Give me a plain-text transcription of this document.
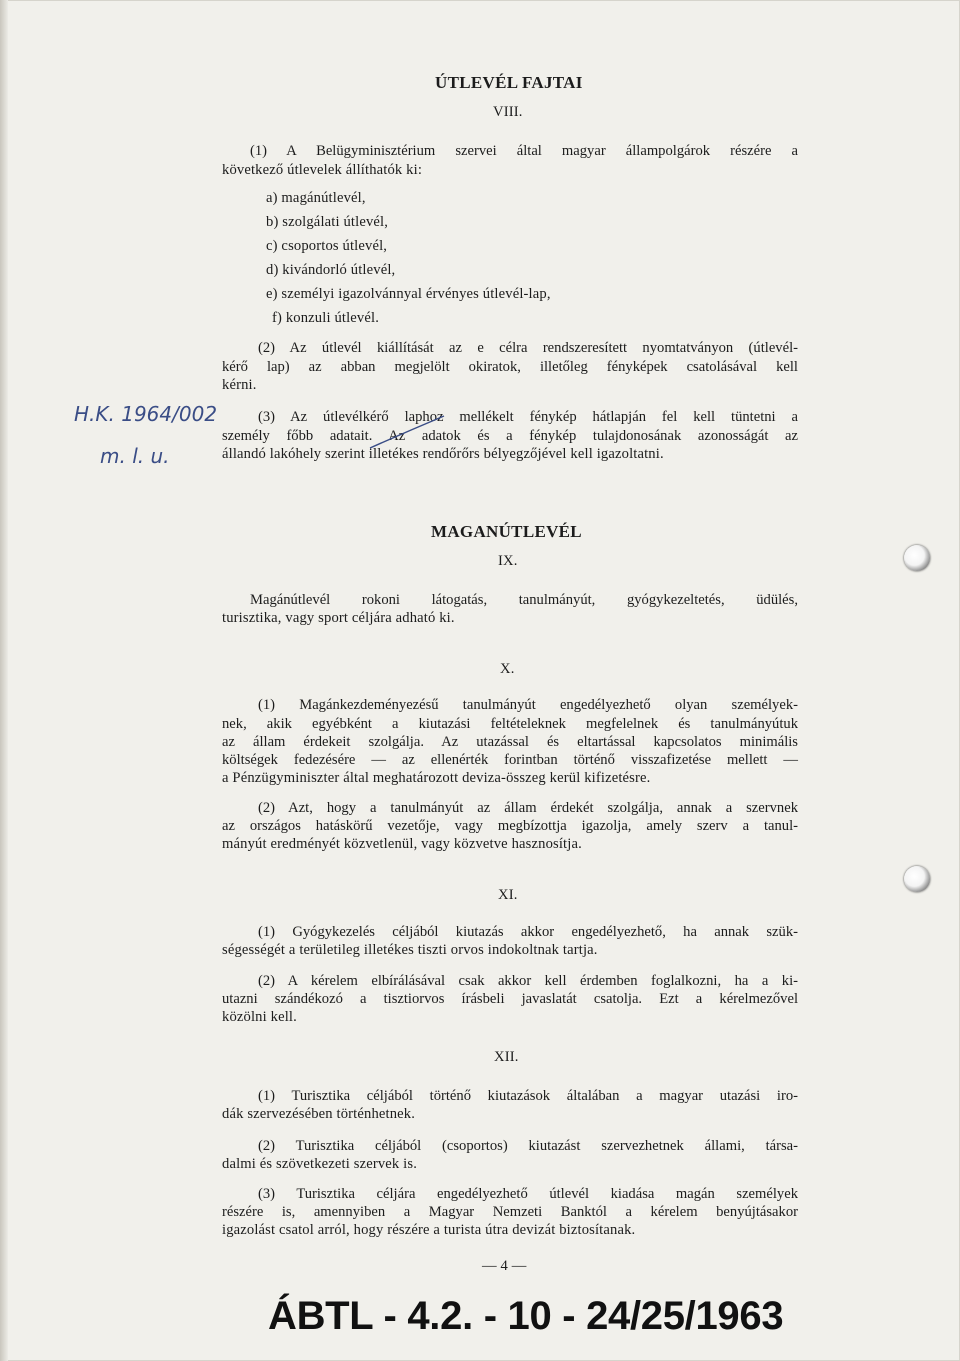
ÚTLEVÉL FAJTAI
VIII.
(1) A Belügyminisztérium szervei által magyar állampolgárok részére a
következő útlevelek állíthatók ki:
a) magánútlevél,
b) szolgálati útlevél,
c) csoportos útlevél,
d) kivándorló útlevél,
e) személyi igazolvánnyal érvényes útlevél-lap,
f) konzuli útlevél.
(2) Az útlevél kiállítását az e célra rendszeresített nyomtatványon (útlevél-
kérő lap) az abban megjelölt okiratok, illetőleg fényképek csatolásával kell
kérni.
(3) Az útlevélkérő laphoz mellékelt fénykép hátlapján fel kell tüntetni a
személy főbb adatait. Az adatok és a fénykép tulajdonosának azonosságát az
állandó lakóhely szerint illetékes rendőrőrs bélyegzőjével kell igazoltatni.
H.K. 1964/002
m. l. u.
MAGANÚTLEVÉL
IX.
Magánútlevél rokoni látogatás, tanulmányút, gyógykezeltetés, üdülés,
turisztika, vagy sport céljára adható ki.
X.
(1) Magánkezdeményezésű tanulmányút engedélyezhető olyan személyek-
nek, akik egyébként a kiutazási feltételeknek megfelelnek és tanulmányútuk
az állam érdekeit szolgálja. Az utazással és eltartással kapcsolatos minimális
költségek fedezésére — az ellenérték forintban történő visszafizetése mellett —
a Pénzügyminiszter által meghatározott deviza-összeg kerül kifizetésre.
(2) Azt, hogy a tanulmányút az állam érdekét szolgálja, annak a szervnek
az országos hatáskörű vezetője, vagy megbízottja igazolja, amely szerv a tanul-
mányút eredményét közvetlenül, vagy közvetve hasznosítja.
XI.
(1) Gyógykezelés céljából kiutazás akkor engedélyezhető, ha annak szük-
ségességét a területileg illetékes tiszti orvos indokoltnak tartja.
(2) A kérelem elbírálásával csak akkor kell érdemben foglalkozni, ha a ki-
utazni szándékozó a tisztiorvos írásbeli javaslatát csatolja. Ezt a kérelmezővel
közölni kell.
XII.
(1) Turisztika céljából történő kiutazások általában a magyar utazási iro-
dák szervezésében történhetnek.
(2) Turisztika céljából (csoportos) kiutazást szervezhetnek állami, társa-
dalmi és szövetkezeti szervek is.
(3) Turisztika céljára engedélyezhető útlevél kiadása magán személyek
részére is, amennyiben a Magyar Nemzeti Banktól a kérelem benyújtásakor
igazolást csatol arról, hogy részére a turista útra devizát biztosítanak.
— 4 —
ÁBTL - 4.2. - 10 - 24/25/1963
